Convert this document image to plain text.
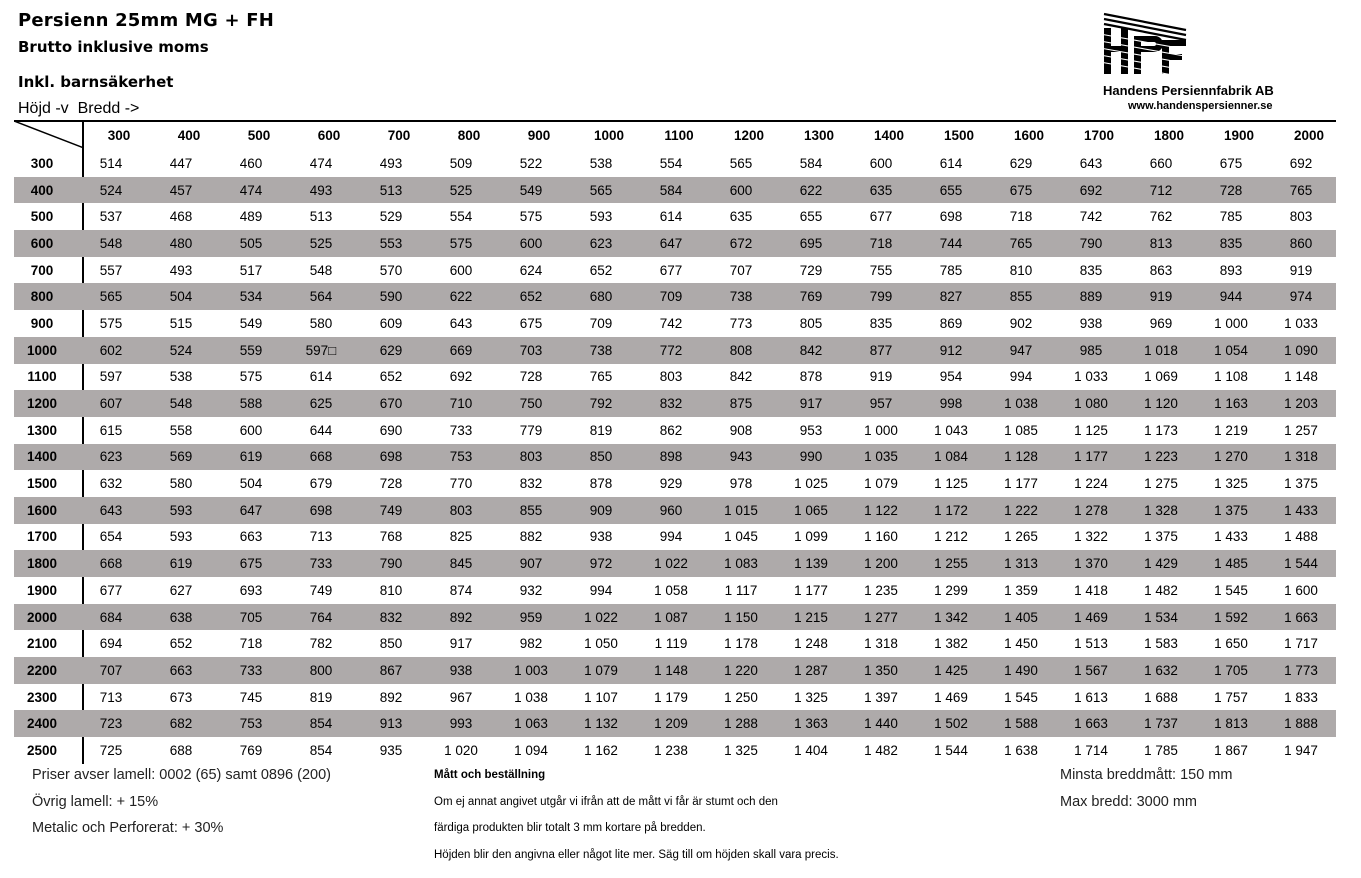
Persienn 25mm MG + FH
Brutto inklusive moms
Inkl. barnsäkerhet
Höjd -v  Bredd ->
Handens Persiennfabrik AB
www.handenspersienner.se
300	400	500	600	700	800	900	1000	1100	1200	1300	1400	1500	1600	1700	1800	1900	2000
300	514	447	460	474	493	509	522	538	554	565	584	600	614	629	643	660	675	692
400	524	457	474	493	513	525	549	565	584	600	622	635	655	675	692	712	728	765
500	537	468	489	513	529	554	575	593	614	635	655	677	698	718	742	762	785	803
600	548	480	505	525	553	575	600	623	647	672	695	718	744	765	790	813	835	860
700	557	493	517	548	570	600	624	652	677	707	729	755	785	810	835	863	893	919
800	565	504	534	564	590	622	652	680	709	738	769	799	827	855	889	919	944	974
900	575	515	549	580	609	643	675	709	742	773	805	835	869	902	938	969	1 000	1 033
1000	602	524	559	597□	629	669	703	738	772	808	842	877	912	947	985	1 018	1 054	1 090
1100	597	538	575	614	652	692	728	765	803	842	878	919	954	994	1 033	1 069	1 108	1 148
1200	607	548	588	625	670	710	750	792	832	875	917	957	998	1 038	1 080	1 120	1 163	1 203
1300	615	558	600	644	690	733	779	819	862	908	953	1 000	1 043	1 085	1 125	1 173	1 219	1 257
1400	623	569	619	668	698	753	803	850	898	943	990	1 035	1 084	1 128	1 177	1 223	1 270	1 318
1500	632	580	504	679	728	770	832	878	929	978	1 025	1 079	1 125	1 177	1 224	1 275	1 325	1 375
1600	643	593	647	698	749	803	855	909	960	1 015	1 065	1 122	1 172	1 222	1 278	1 328	1 375	1 433
1700	654	593	663	713	768	825	882	938	994	1 045	1 099	1 160	1 212	1 265	1 322	1 375	1 433	1 488
1800	668	619	675	733	790	845	907	972	1 022	1 083	1 139	1 200	1 255	1 313	1 370	1 429	1 485	1 544
1900	677	627	693	749	810	874	932	994	1 058	1 117	1 177	1 235	1 299	1 359	1 418	1 482	1 545	1 600
2000	684	638	705	764	832	892	959	1 022	1 087	1 150	1 215	1 277	1 342	1 405	1 469	1 534	1 592	1 663
2100	694	652	718	782	850	917	982	1 050	1 119	1 178	1 248	1 318	1 382	1 450	1 513	1 583	1 650	1 717
2200	707	663	733	800	867	938	1 003	1 079	1 148	1 220	1 287	1 350	1 425	1 490	1 567	1 632	1 705	1 773
2300	713	673	745	819	892	967	1 038	1 107	1 179	1 250	1 325	1 397	1 469	1 545	1 613	1 688	1 757	1 833
2400	723	682	753	854	913	993	1 063	1 132	1 209	1 288	1 363	1 440	1 502	1 588	1 663	1 737	1 813	1 888
2500	725	688	769	854	935	1 020	1 094	1 162	1 238	1 325	1 404	1 482	1 544	1 638	1 714	1 785	1 867	1 947
Priser avser lamell: 0002 (65) samt 0896 (200)
Övrig lamell: + 15%
Metalic och Perforerat: + 30%
Mått och beställning
Om ej annat angivet utgår vi ifrån att de mått vi får är stumt och den
färdiga produkten blir totalt 3 mm kortare på bredden.
Höjden blir den angivna eller något lite mer. Säg till om höjden skall vara precis.
Minsta breddmått: 150 mm
Max bredd: 3000 mm
